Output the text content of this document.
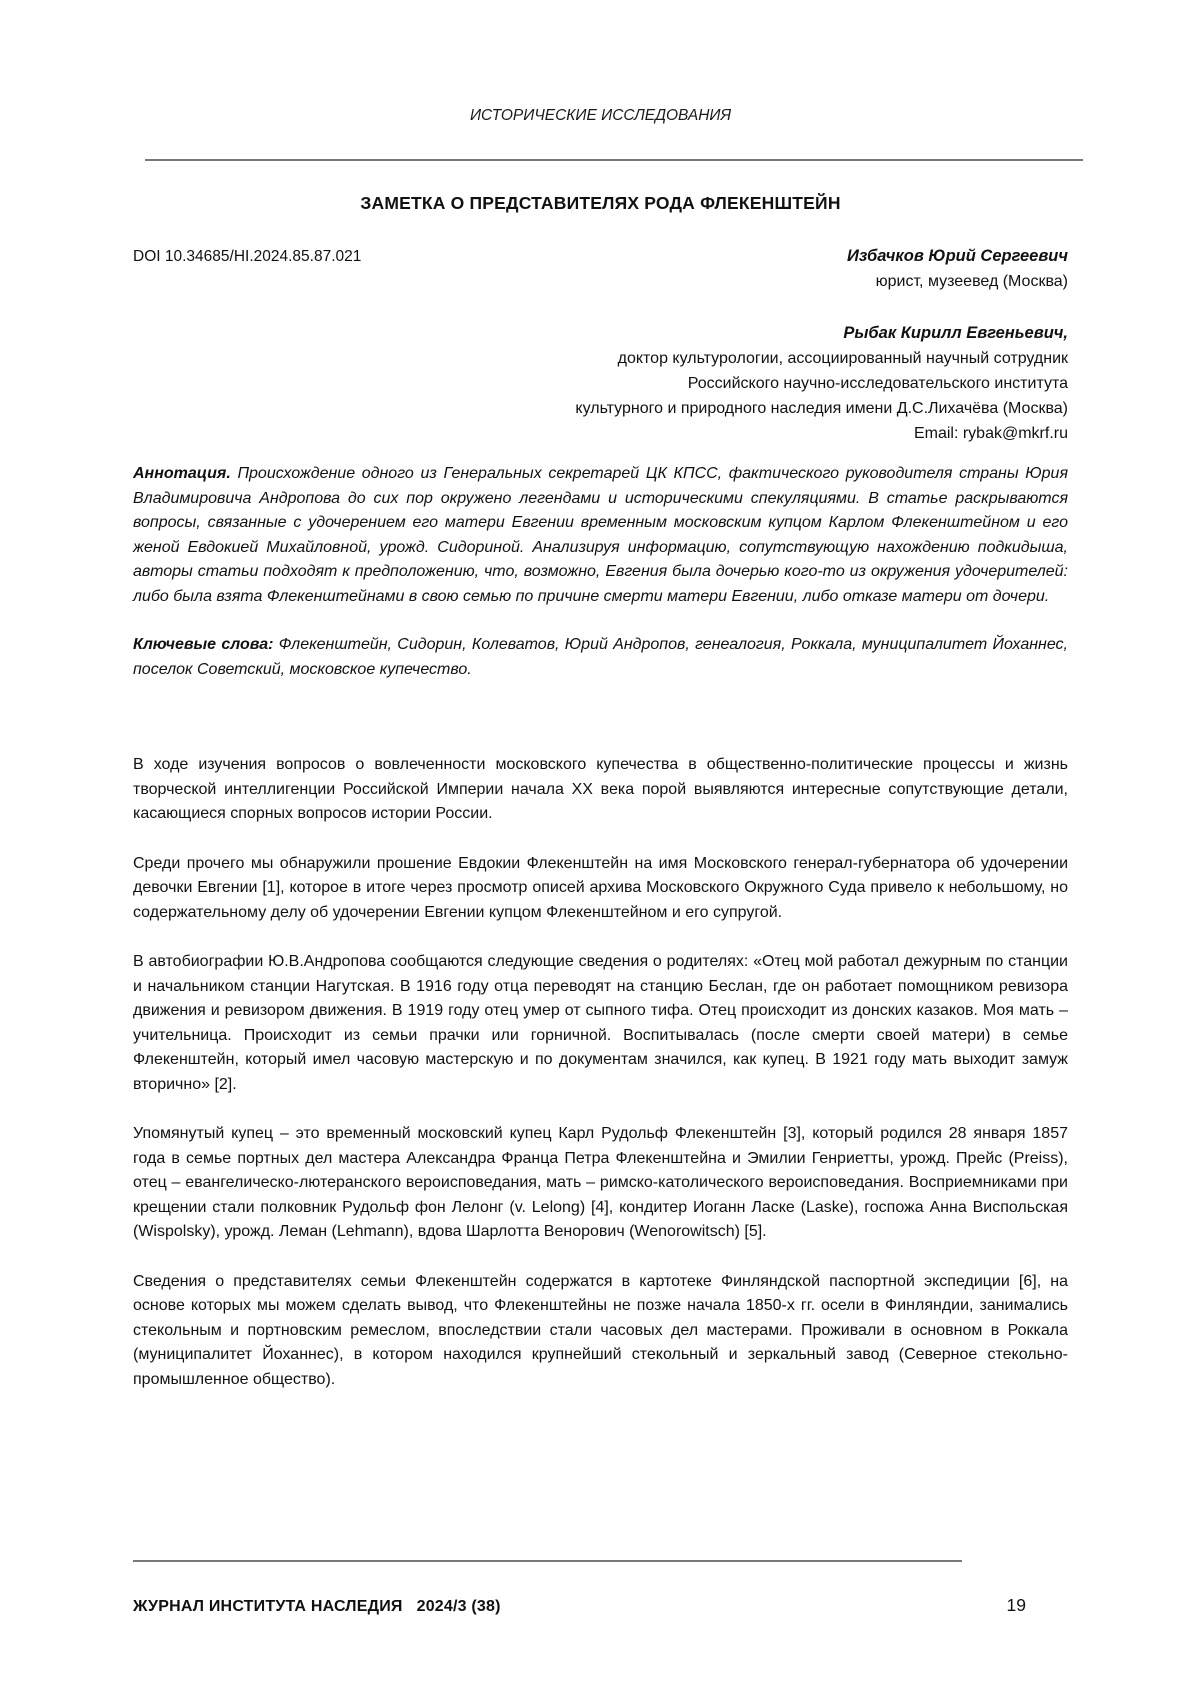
ИСТОРИЧЕСКИЕ ИССЛЕДОВАНИЯ
ЗАМЕТКА О ПРЕДСТАВИТЕЛЯХ РОДА ФЛЕКЕНШТЕЙН
DOI 10.34685/HI.2024.85.87.021	Избачков Юрий Сергеевич
юрист, музеевед (Москва)
Рыбак Кирилл Евгеньевич,
доктор культурологии, ассоциированный научный сотрудник
Российского научно-исследовательского института
культурного и природного наследия имени Д.С.Лихачёва (Москва)
Email: rybak@mkrf.ru

Аннотация. Происхождение одного из Генеральных секретарей ЦК КПСС, фактического руководителя страны Юрия Владимировича Андропова до сих пор окружено легендами и историческими спекуляциями. В статье раскрываются вопросы, связанные с удочерением его матери Евгении временным московским купцом Карлом Флекенштейном и его женой Евдокией Михайловной, урожд. Сидориной. Анализируя информацию, сопутствующую нахождению подкидыша, авторы статьи подходят к предположению, что, возможно, Евгения была дочерью кого-то из окружения удочерителей: либо была взята Флекенштейнами в свою семью по причине смерти матери Евгении, либо отказе матери от дочери.

Ключевые слова: Флекенштейн, Сидорин, Колеватов, Юрий Андропов, генеалогия, Роккала, муниципалитет Йоханнес, поселок Советский, московское купечество.

В ходе изучения вопросов о вовлеченности московского купечества в общественно-политические процессы и жизнь творческой интеллигенции Российской Империи начала XX века порой выявляются интересные сопутствующие детали, касающиеся спорных вопросов истории России.

Среди прочего мы обнаружили прошение Евдокии Флекенштейн на имя Московского генерал-губернатора об удочерении девочки Евгении [1], которое в итоге через просмотр описей архива Московского Окружного Суда привело к небольшому, но содержательному делу об удочерении Евгении купцом Флекенштейном и его супругой.

В автобиографии Ю.В.Андропова сообщаются следующие сведения о родителях: «Отец мой работал дежурным по станции и начальником станции Нагутская. В 1916 году отца переводят на станцию Беслан, где он работает помощником ревизора движения и ревизором движения. В 1919 году отец умер от сыпного тифа. Отец происходит из донских казаков. Моя мать – учительница. Происходит из семьи прачки или горничной. Воспитывалась (после смерти своей матери) в семье Флекенштейн, который имел часовую мастерскую и по документам значился, как купец. В 1921 году мать выходит замуж вторично» [2].

Упомянутый купец – это временный московский купец Карл Рудольф Флекенштейн [3], который родился 28 января 1857 года в семье портных дел мастера Александра Франца Петра Флекенштейна и Эмилии Генриетты, урожд. Прейс (Preiss), отец – евангелическо-лютеранского вероисповедания, мать – римско-католического вероисповедания. Восприемниками при крещении стали полковник Рудольф фон Лелонг (v. Lelong) [4], кондитер Иоганн Ласке (Laske), госпожа Анна Виспольская (Wispolsky), урожд. Леман (Lehmann), вдова Шарлотта Венорович (Wenorowitsch) [5].

Сведения о представителях семьи Флекенштейн содержатся в картотеке Финляндской паспортной экспедиции [6], на основе которых мы можем сделать вывод, что Флекенштейны не позже начала 1850-х гг. осели в Финляндии, занимались стекольным и портновским ремеслом, впоследствии стали часовых дел мастерами. Проживали в основном в Роккала (муниципалитет Йоханнес), в котором находился крупнейший стекольный и зеркальный завод (Северное стекольно-промышленное общество).

ЖУРНАЛ ИНСТИТУТА НАСЛЕДИЯ 2024/3 (38)	19
